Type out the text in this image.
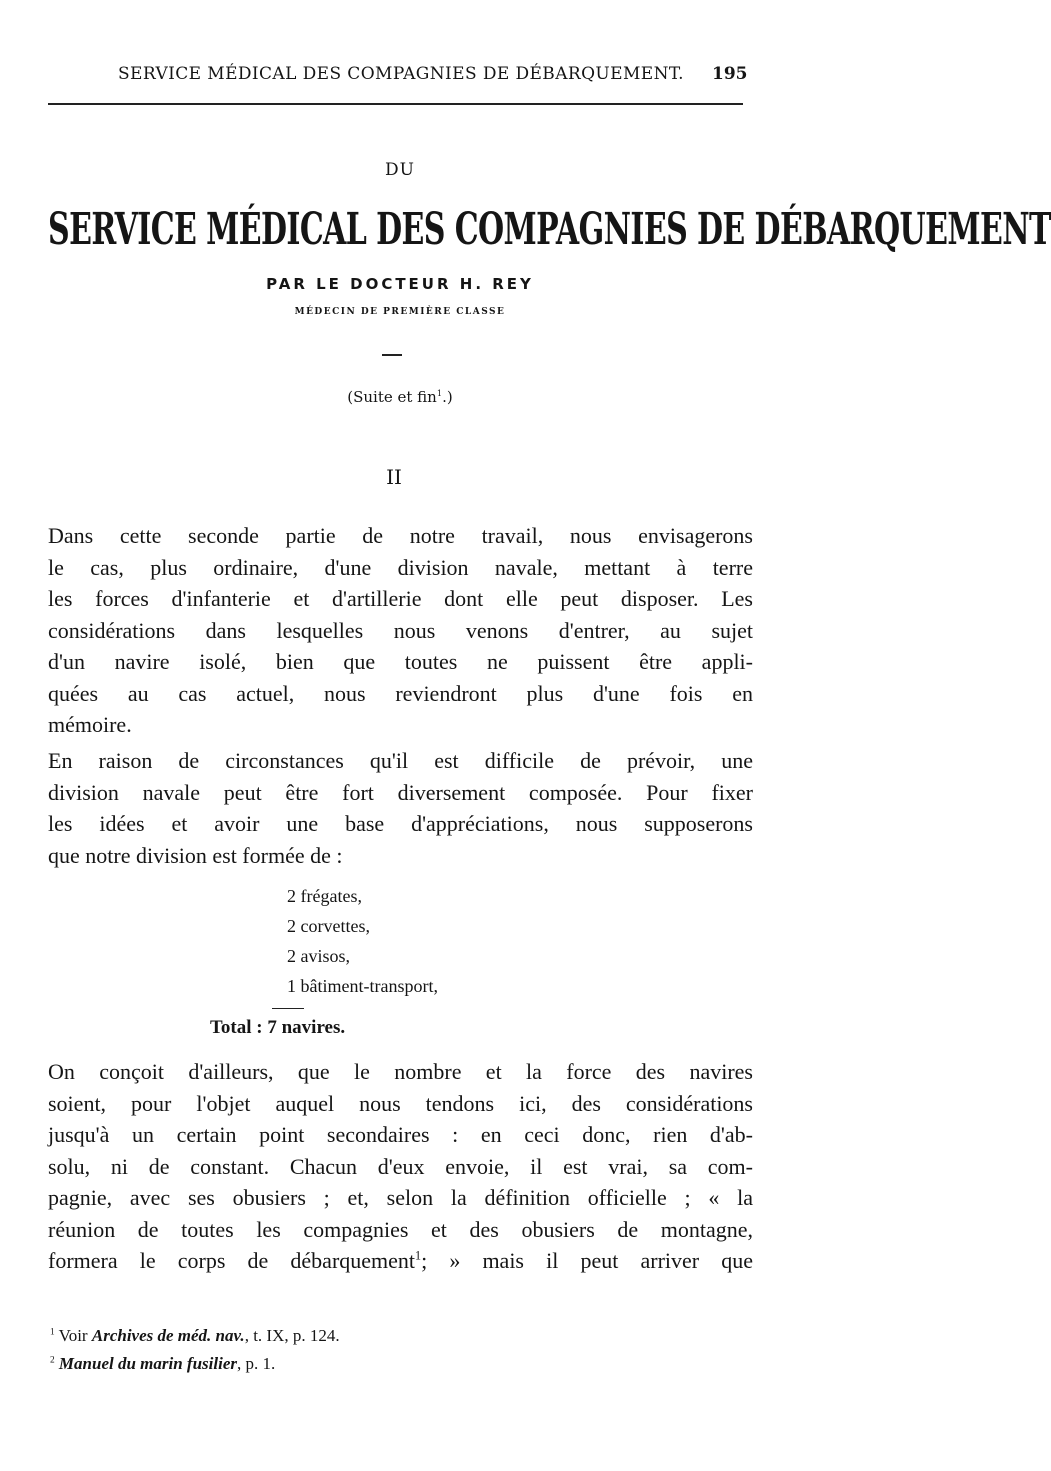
SERVICE MÉDICAL DES COMPAGNIES DE DÉBARQUEMENT. 195
DU
SERVICE MÉDICAL DES COMPAGNIES DE DÉBARQUEMENT
PAR LE DOCTEUR H. REY
MÉDECIN DE PREMIÈRE CLASSE
(Suite et fin$^1$.)
II
Dans cette seconde partie de notre travail, nous envisagerons
le cas, plus ordinaire, d'une division navale, mettant à terre
les forces d'infanterie et d'artillerie dont elle peut disposer. Les
considérations dans lesquelles nous venons d'entrer, au sujet
d'un navire isolé, bien que toutes ne puissent être appli-
quées au cas actuel, nous reviendront plus d'une fois en
mémoire.
En raison de circonstances qu'il est difficile de prévoir, une
division navale peut être fort diversement composée. Pour fixer
les idées et avoir une base d'appréciations, nous supposerons
que notre division est formée de :
2 frégates,
2 corvettes,
2 avisos,
1 bâtiment-transport,
Total : 7 navires.
On conçoit d'ailleurs, que le nombre et la force des navires
soient, pour l'objet auquel nous tendons ici, des considérations
jusqu'à un certain point secondaires : en ceci donc, rien d'ab-
solu, ni de constant. Chacun d'eux envoie, il est vrai, sa com-
pagnie, avec ses obusiers ; et, selon la définition officielle ; « la
réunion de toutes les compagnies et des obusiers de montagne,
formera le corps de débarquement$^1$; » mais il peut arriver que
$^1$ Voir Archives de méd. nav., t. IX, p. 124.
$^2$ Manuel du marin fusilier, p. 1.
